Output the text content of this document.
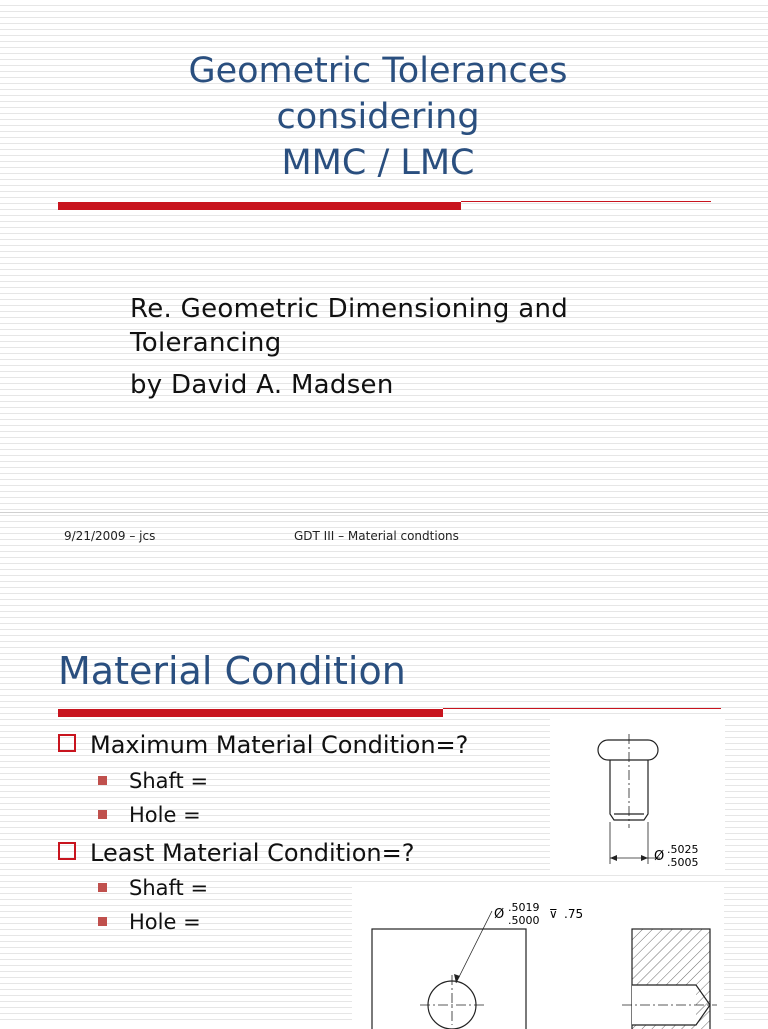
Geometric Tolerances
considering
MMC / LMC

Re. Geometric Dimensioning and Tolerancing

by David A. Madsen

9/21/2009 – jcs	GDT III – Material condtions
Material Condition
Maximum Material Condition=?
Shaft =
Hole =
Least Material Condition=?
Shaft =
Hole =
Ø .5025
.5005
Ø .5019
.5000 ⊽ .75
